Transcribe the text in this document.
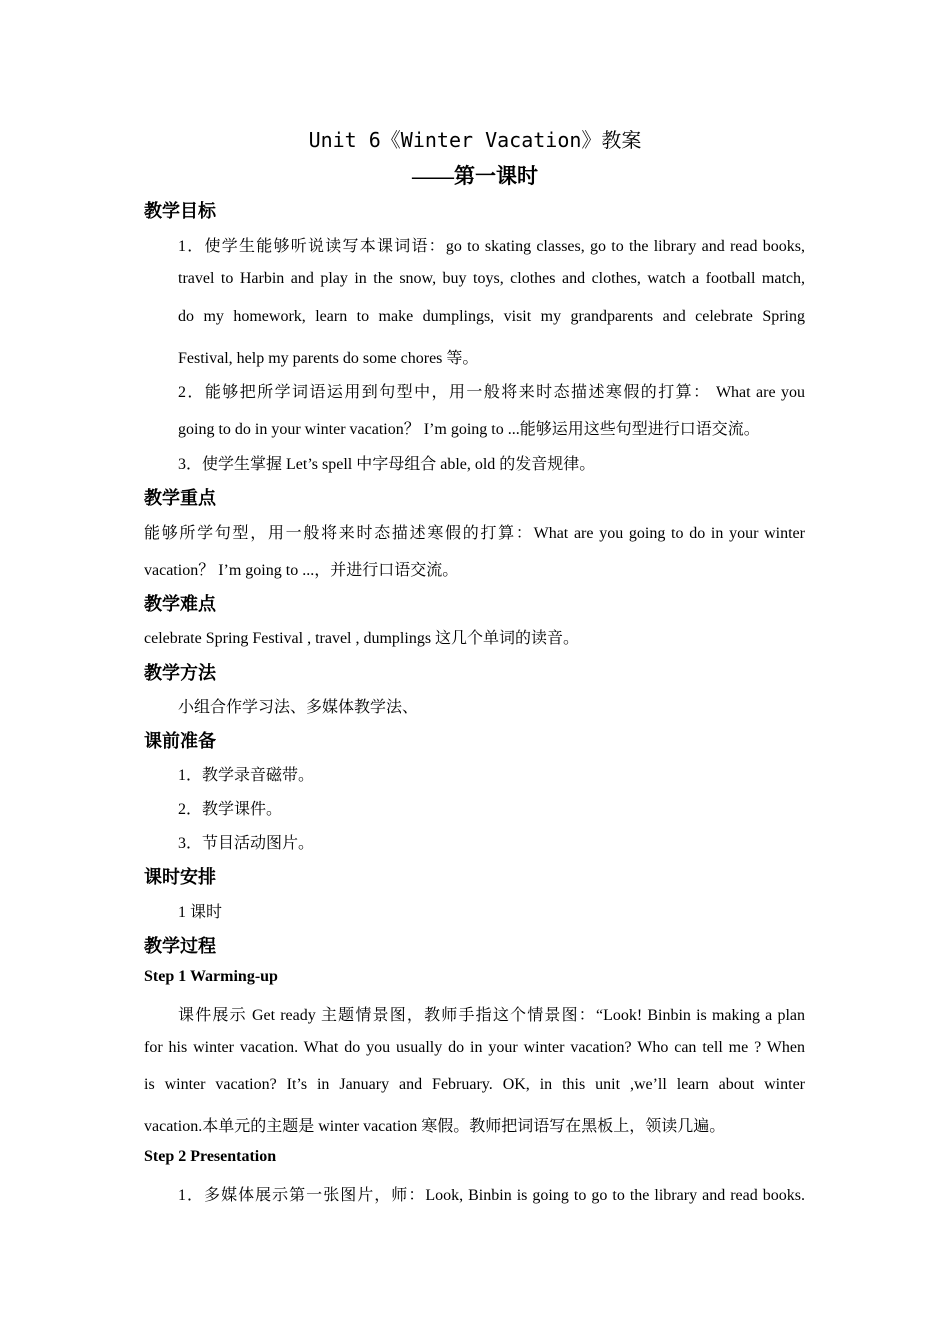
Unit 6《Winter Vacation》教案
——第一课时
教学目标
1．使学生能够听说读写本课词语：go to skating classes, go to the library and read books,
travel to Harbin and play in the snow, buy toys, clothes and clothes, watch a football match,
do my homework, learn to make dumplings, visit my grandparents and celebrate Spring
Festival, help my parents do some chores 等。
2．能够把所学词语运用到句型中，用一般将来时态描述寒假的打算： What are you
going to do in your winter vacation？ I’m going to ...能够运用这些句型进行口语交流。
3．使学生掌握 Let’s spell 中字母组合 able, old 的发音规律。
教学重点
能够所学句型，用一般将来时态描述寒假的打算：What are you going to do in your winter
vacation？ I’m going to ...，并进行口语交流。
教学难点
celebrate Spring Festival , travel , dumplings 这几个单词的读音。
教学方法
小组合作学习法、多媒体教学法、
课前准备
1．教学录音磁带。
2．教学课件。
3．节目活动图片。
课时安排
1 课时
教学过程
Step 1 Warming-up
课件展示 Get ready 主题情景图，教师手指这个情景图：“Look! Binbin is making a plan
for his winter vacation. What do you usually do in your winter vacation? Who can tell me ? When
is winter vacation? It’s in January and February. OK, in this unit ,we’ll learn about winter
vacation.本单元的主题是 winter vacation 寒假。教师把词语写在黑板上，领读几遍。
Step 2 Presentation
1．多媒体展示第一张图片，师：Look, Binbin is going to go to the library and read books.
